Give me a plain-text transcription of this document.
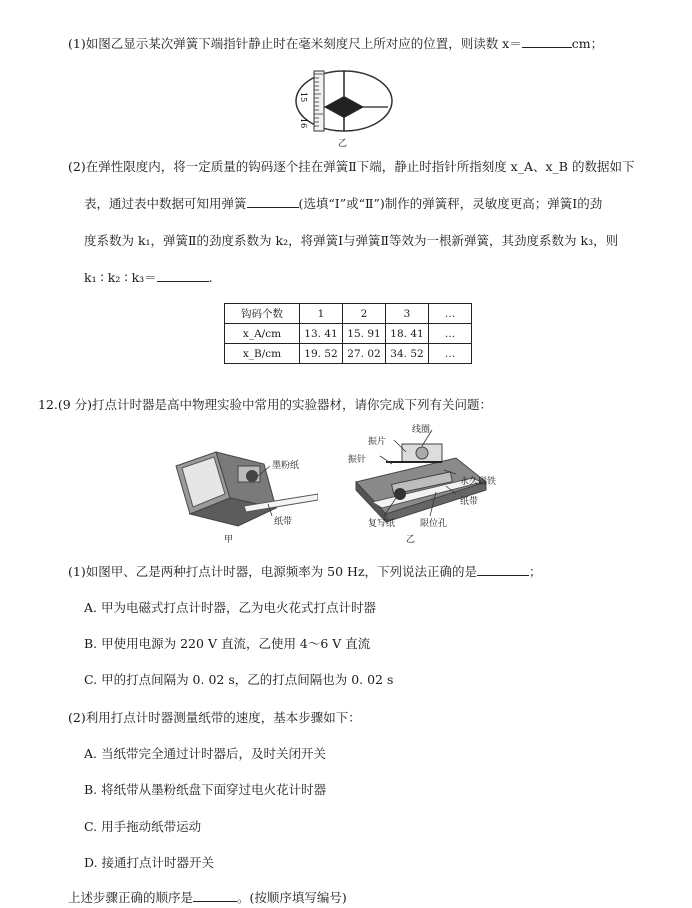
(1)如图乙显示某次弹簧下端指针静止时在毫米刻度尺上所对应的位置，则读数 x＝	cm；
15
16
乙
(2)在弹性限度内，将一定质量的钩码逐个挂在弹簧Ⅱ下端，静止时指针所指刻度 x_A、x_B 的数据如下
表，通过表中数据可知用弹簧	(选填“Ⅰ”或“Ⅱ”)制作的弹簧秤，灵敏度更高；弹簧Ⅰ的劲
度系数为 k₁，弹簧Ⅱ的劲度系数为 k₂，将弹簧Ⅰ与弹簧Ⅱ等效为一根新弹簧，其劲度系数为 k₃，则
k₁ ∶ k₂ ∶ k₃＝	.
钩码个数	1	2	3	…
x_A/cm	13. 41	15. 91	18. 41	…
x_B/cm	19. 52	27. 02	34. 52	…
12.(9 分)打点计时器是高中物理实验中常用的实验器材，请你完成下列有关问题：
墨粉纸
纸带
甲
线圈
振片
振针
永久磁铁
纸带
复写纸	限位孔
乙
(1)如图甲、乙是两种打点计时器，电源频率为 50 Hz，下列说法正确的是	；
A. 甲为电磁式打点计时器，乙为电火花式打点计时器
B. 甲使用电源为 220 V 直流，乙使用 4～6 V 直流
C. 甲的打点间隔为 0. 02 s，乙的打点间隔也为 0. 02 s
(2)利用打点计时器测量纸带的速度，基本步骤如下：
A. 当纸带完全通过计时器后，及时关闭开关
B. 将纸带从墨粉纸盘下面穿过电火花计时器
C. 用手拖动纸带运动
D. 接通打点计时器开关
上述步骤正确的顺序是	。(按顺序填写编号)
